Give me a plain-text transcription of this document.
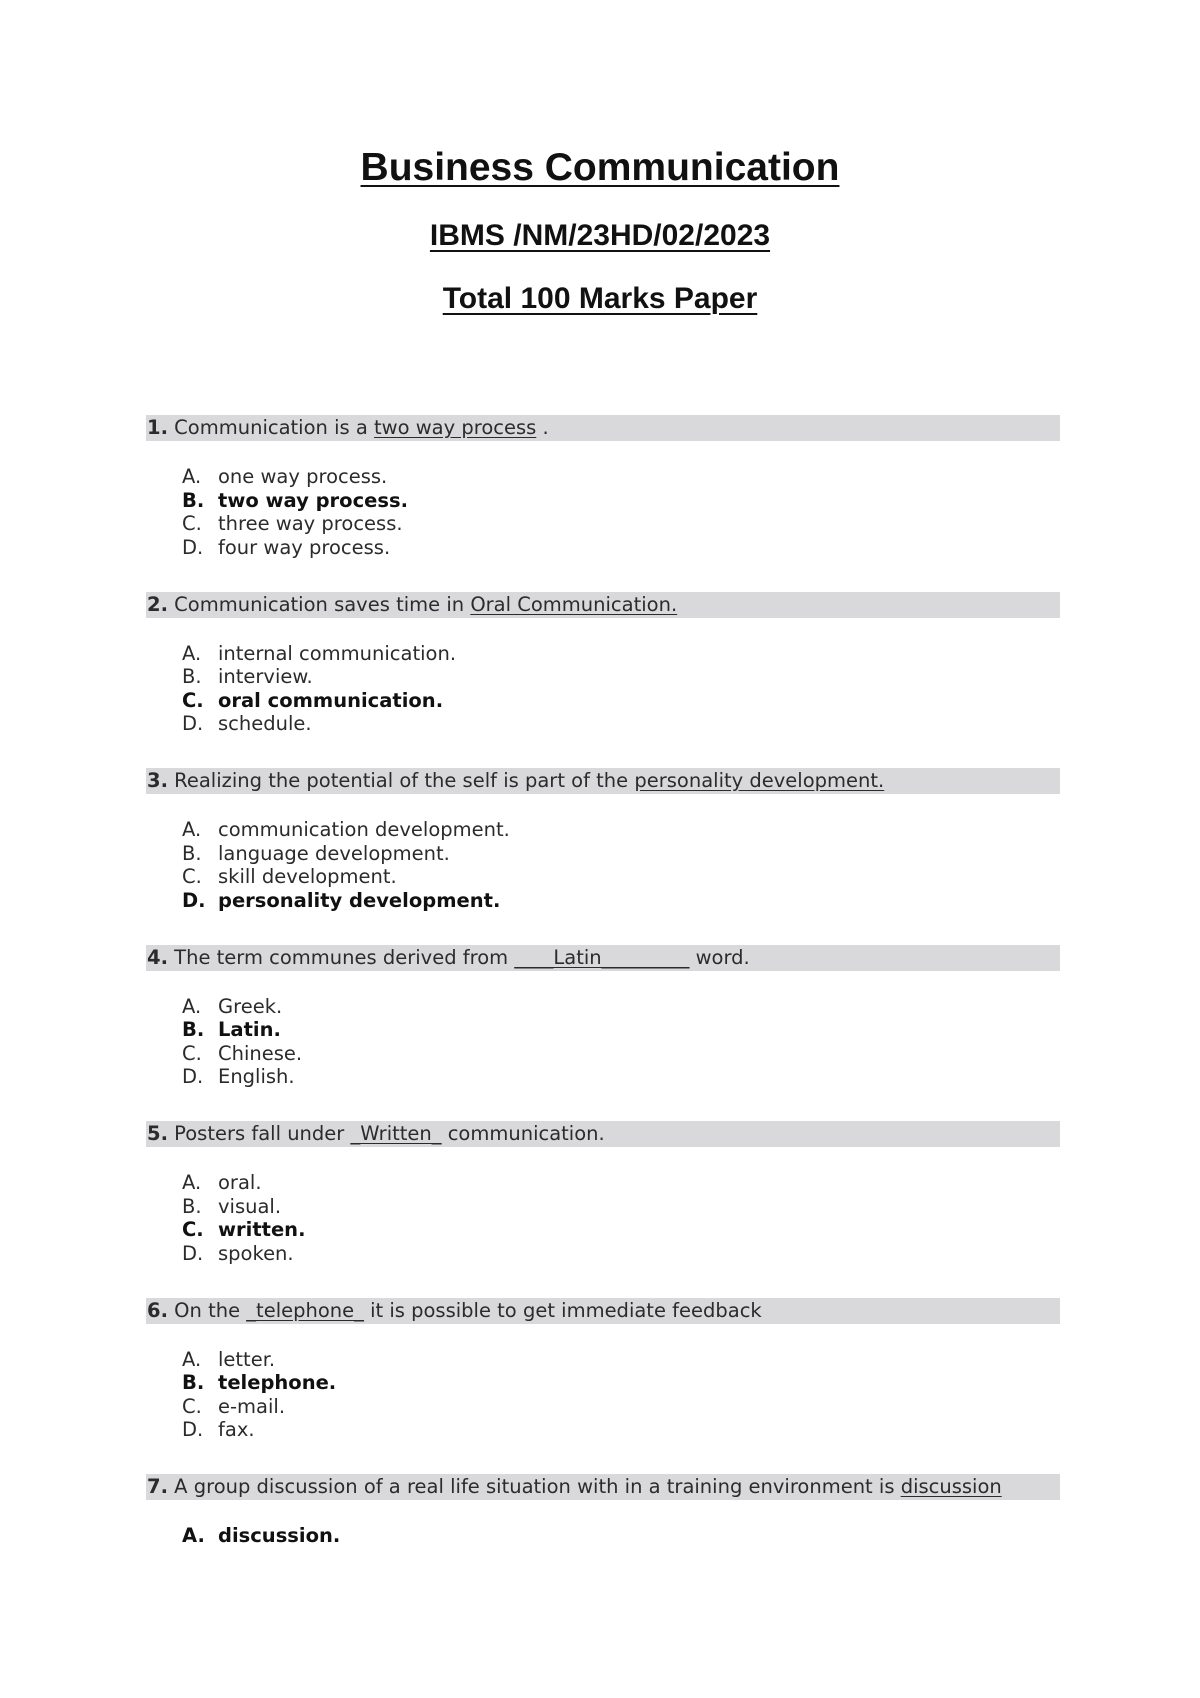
Business Communication
IBMS /NM/23HD/02/2023
Total 100 Marks Paper
1. Communication is a two way process .
A. one way process.
B. two way process.
C. three way process.
D. four way process.
2. Communication saves time in Oral Communication.
A. internal communication.
B. interview.
C. oral communication.
D. schedule.
3. Realizing the potential of the self is part of the personality development.
A. communication development.
B. language development.
C. skill development.
D. personality development.
4. The term communes derived from ____Latin_________ word.
A. Greek.
B. Latin.
C. Chinese.
D. English.
5. Posters fall under _Written_ communication.
A. oral.
B. visual.
C. written.
D. spoken.
6. On the _telephone_ it is possible to get immediate feedback
A. letter.
B. telephone.
C. e-mail.
D. fax.
7. A group discussion of a real life situation with in a training environment is discussion
A. discussion.
